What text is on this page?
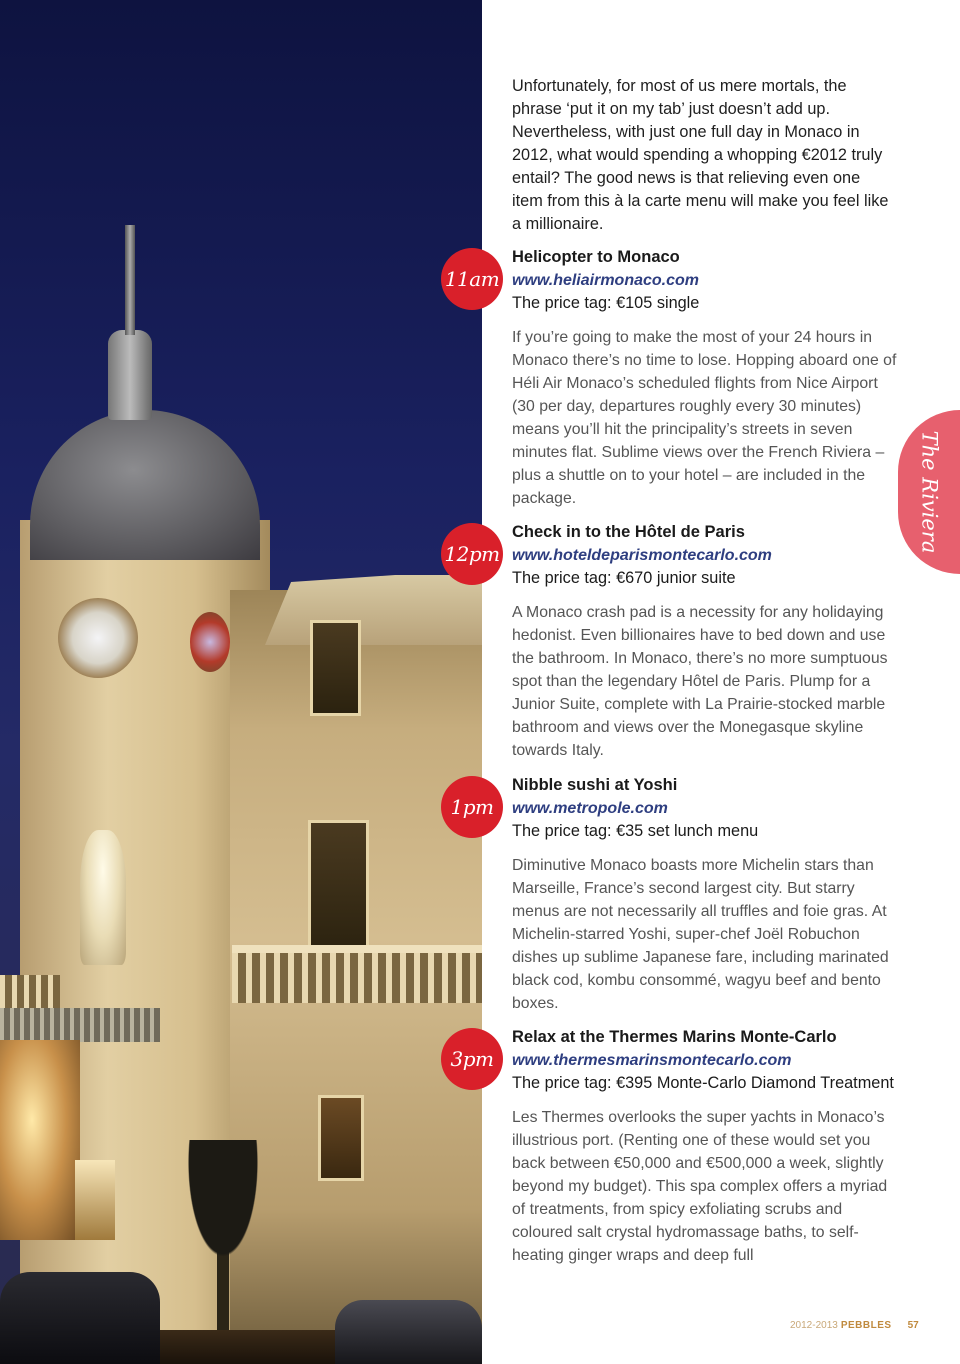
Unfortunately, for most of us mere mortals, the phrase ‘put it on my tab’ just doesn’t add up. Nevertheless, with just one full day in Monaco in 2012, what would spending a whopping €2012 truly entail? The good news is that relieving even one item from this à la carte menu will make you feel like a millionaire.

The Riviera
11am
12pm
1pm
3pm
Helicopter to Monaco
www.heliairmonaco.com

The price tag: €105 single

If you’re going to make the most of your 24 hours in Monaco there’s no time to lose. Hopping aboard one of Héli Air Monaco’s scheduled flights from Nice Airport (30 per day, departures roughly every 30 minutes) means you’ll hit the principality’s streets in seven minutes flat. Sublime views over the French Riviera – plus a shuttle on to your hotel – are included in the package.

Check in to the Hôtel de Paris
www.hoteldeparismontecarlo.com

The price tag: €670 junior suite

A Monaco crash pad is a necessity for any holidaying hedonist. Even billionaires have to bed down and use the bathroom. In Monaco, there’s no more sumptuous spot than the legendary Hôtel de Paris. Plump for a Junior Suite, complete with La Prairie-stocked marble bathroom and views over the Monegasque skyline towards Italy.

Nibble sushi at Yoshi
www.metropole.com

The price tag: €35 set lunch menu

Diminutive Monaco boasts more Michelin stars than Marseille, France’s second largest city. But starry menus are not necessarily all truffles and foie gras. At Michelin-starred Yoshi, super-chef Joël Robuchon dishes up sublime Japanese fare, including marinated black cod, kombu consommé, wagyu beef and bento boxes.

Relax at the Thermes Marins Monte-Carlo
www.thermesmarinsmontecarlo.com

The price tag: €395 Monte-Carlo Diamond Treatment

Les Thermes overlooks the super yachts in Monaco’s illustrious port. (Renting one of these would set you back between €50,000 and €500,000 a week, slightly beyond my budget). This spa complex offers a myriad of treatments, from spicy exfoliating scrubs and coloured salt crystal hydromassage baths, to self-heating ginger wraps and deep full

2012-2013 PEBBLES 57
